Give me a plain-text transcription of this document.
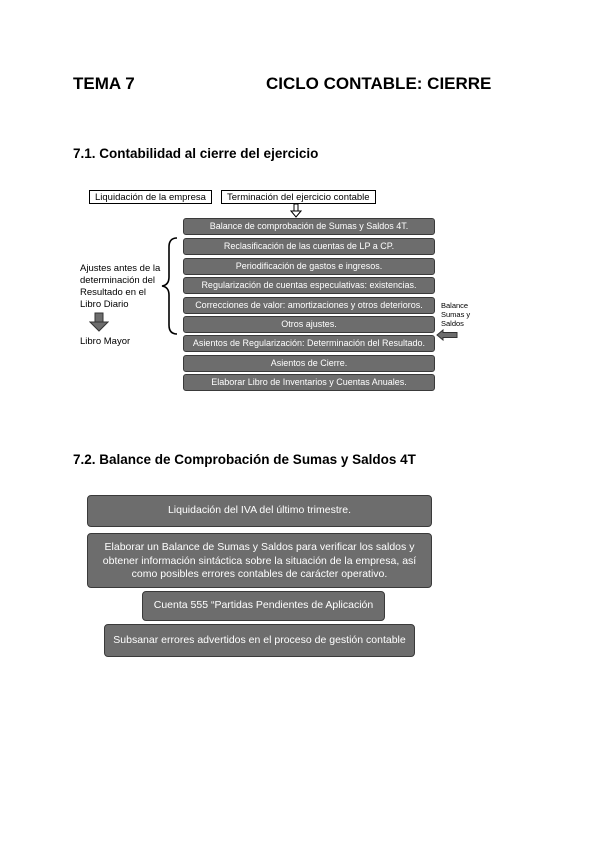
TEMA 7	CICLO CONTABLE: CIERRE
7.1. Contabilidad al cierre del ejercicio
Liquidación de la empresa	Terminación del ejercicio contable
Balance de comprobación de Sumas y Saldos 4T.
Reclasificación de las cuentas de LP a CP.
Periodificación de gastos e ingresos.
Regularización de cuentas especulativas: existencias.
Correcciones de valor: amortizaciones y otros deterioros.
Otros ajustes.
Asientos de Regularización: Determinación del Resultado.
Asientos de Cierre.
Elaborar Libro de Inventarios y Cuentas Anuales.
Ajustes antes de la
determinación del
Resultado en el
Libro Diario
Libro Mayor
Balance
Sumas y
Saldos
7.2. Balance de Comprobación de Sumas y Saldos 4T
Liquidación del IVA del último trimestre.
Elaborar un Balance de Sumas y Saldos para verificar los saldos y
obtener información sintáctica sobre la situación de la empresa, así
como posibles errores contables de carácter operativo.
Cuenta 555 “Partidas Pendientes de Aplicación
Subsanar errores advertidos en el proceso de gestión contable
